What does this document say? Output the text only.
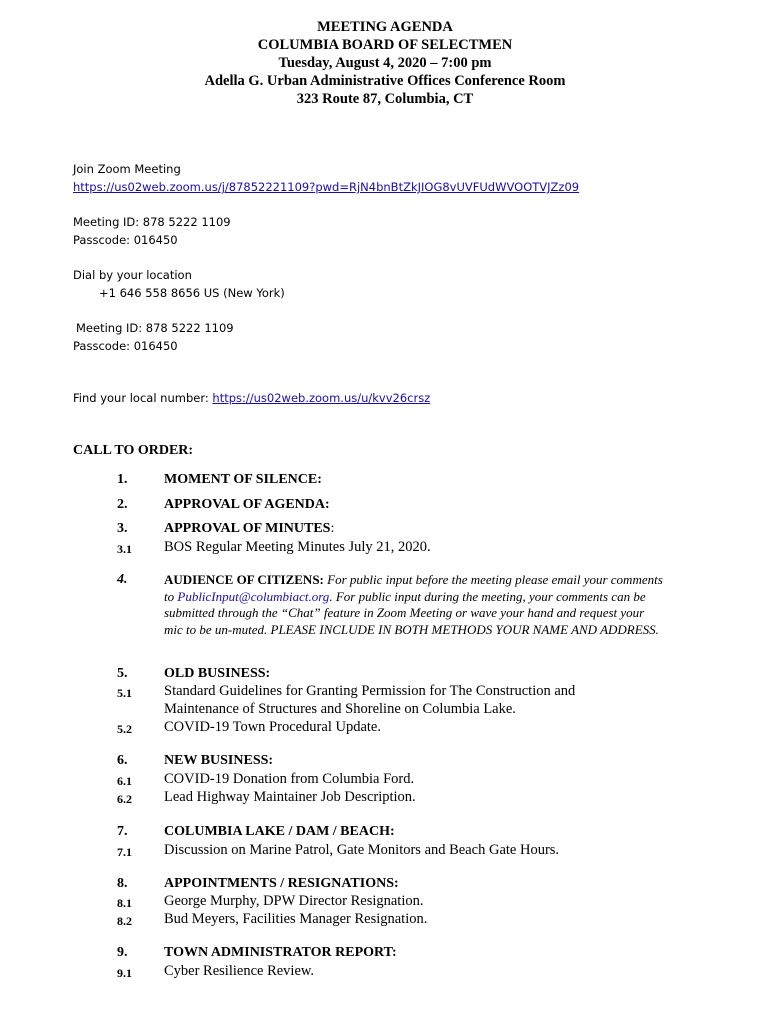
MEETING AGENDA
COLUMBIA BOARD OF SELECTMEN
Tuesday, August 4, 2020 – 7:00 pm
Adella G. Urban Administrative Offices Conference Room
323 Route 87, Columbia, CT
Join Zoom Meeting
https://us02web.zoom.us/j/87852221109?pwd=RjN4bnBtZkJIOG8vUVFUdWVOOTVJZz09
Meeting ID: 878 5222 1109
Passcode: 016450
Dial by your location
+1 646 558 8656 US (New York)
Meeting ID: 878 5222 1109
Passcode: 016450
Find your local number: https://us02web.zoom.us/u/kvv26crsz
CALL TO ORDER:
1.	MOMENT OF SILENCE:
2.	APPROVAL OF AGENDA:
3.	APPROVAL OF MINUTES:
3.1 BOS Regular Meeting Minutes July 21, 2020.
4.	AUDIENCE OF CITIZENS: For public input before the meeting please email your comments to PublicInput@columbiact.org. For public input during the meeting, your comments can be submitted through the “Chat” feature in Zoom Meeting or wave your hand and request your mic to be un-muted. PLEASE INCLUDE IN BOTH METHODS YOUR NAME AND ADDRESS.
5.	OLD BUSINESS:
5.1 Standard Guidelines for Granting Permission for The Construction and
Maintenance of Structures and Shoreline on Columbia Lake.
5.2 COVID-19 Town Procedural Update.
6.	NEW BUSINESS:
6.1 COVID-19 Donation from Columbia Ford.
6.2 Lead Highway Maintainer Job Description.
7.	COLUMBIA LAKE / DAM / BEACH:
7.1 Discussion on Marine Patrol, Gate Monitors and Beach Gate Hours.
8.	APPOINTMENTS / RESIGNATIONS:
8.1 George Murphy, DPW Director Resignation.
8.2 Bud Meyers, Facilities Manager Resignation.
9.	TOWN ADMINISTRATOR REPORT:
9.1 Cyber Resilience Review.
